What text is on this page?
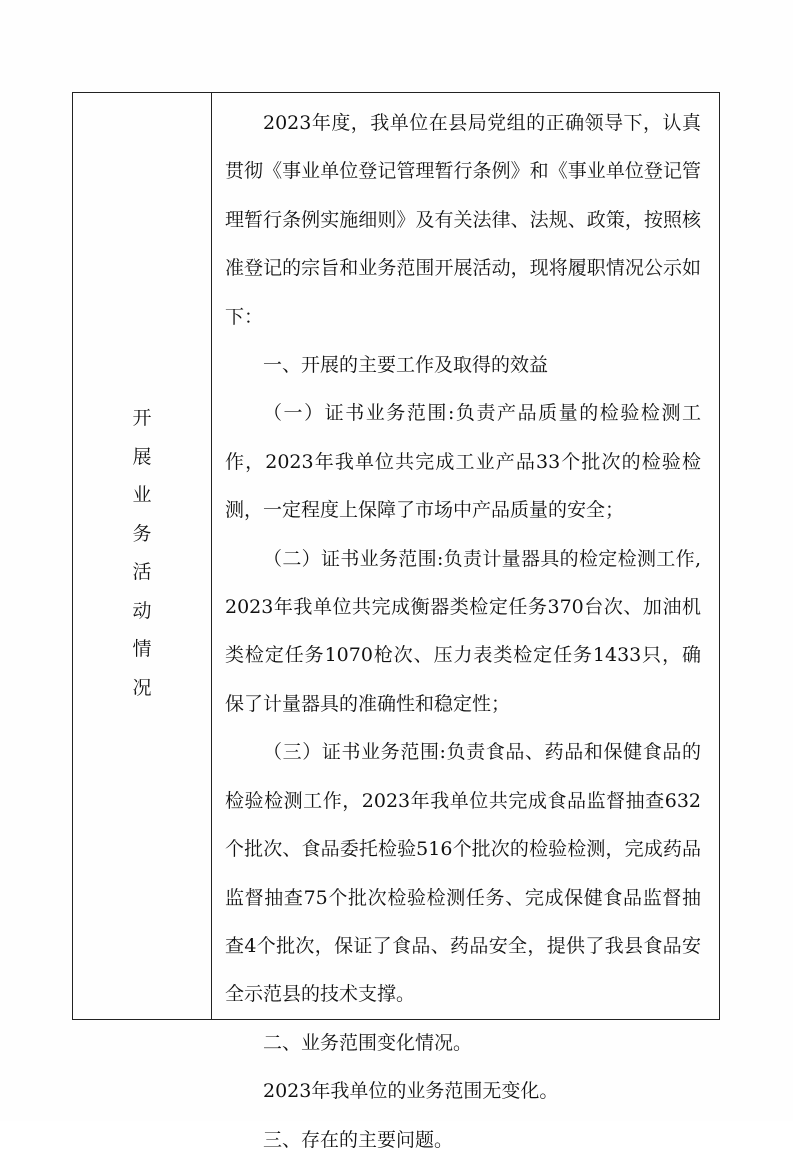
开
展
业
务
活
动
情
况

2023年度，我单位在县局党组的正确领导下，认真贯彻《事业单位登记管理暂行条例》和《事业单位登记管理暂行条例实施细则》及有关法律、法规、政策，按照核准登记的宗旨和业务范围开展活动，现将履职情况公示如下：

一、开展的主要工作及取得的效益

（一）证书业务范围:负责产品质量的检验检测工作，2023年我单位共完成工业产品33个批次的检验检测，一定程度上保障了市场中产品质量的安全；

（二）证书业务范围:负责计量器具的检定检测工作,2023年我单位共完成衡器类检定任务370台次、加油机类检定任务1070枪次、压力表类检定任务1433只，确保了计量器具的准确性和稳定性；

（三）证书业务范围:负责食品、药品和保健食品的检验检测工作，2023年我单位共完成食品监督抽查632个批次、食品委托检验516个批次的检验检测，完成药品监督抽查75个批次检验检测任务、完成保健食品监督抽查4个批次，保证了食品、药品安全，提供了我县食品安全示范县的技术支撑。

二、业务范围变化情况。

2023年我单位的业务范围无变化。

三、存在的主要问题。
